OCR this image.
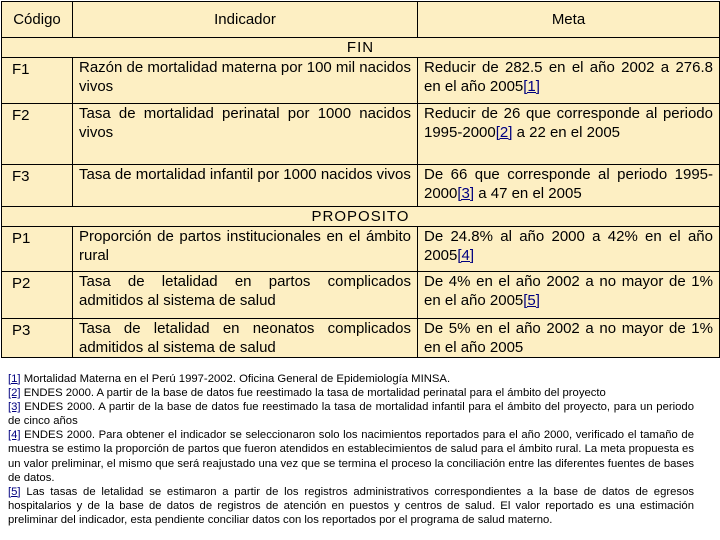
Código	Indicador	Meta
FIN		
F1	Razón de mortalidad materna por 100 mil nacidos vivos	Reducir de 282.5 en el año 2002 a 276.8 en el año 2005[1]
F2	Tasa de mortalidad perinatal por 1000 nacidos vivos	Reducir de 26 que corresponde al periodo 1995-2000[2] a 22 en el 2005
F3	Tasa de mortalidad infantil por 1000 nacidos vivos	De 66 que corresponde al periodo 1995-2000[3] a 47 en el 2005
PROPOSITO		
P1	Proporción de partos institucionales en el ámbito rural	De 24.8% al año 2000 a 42% en el año 2005[4]
P2	Tasa de letalidad en partos complicados admitidos al sistema de salud	De 4% en el año 2002 a no mayor de 1% en el año 2005[5]
P3	Tasa de letalidad en neonatos complicados admitidos al sistema de salud	De 5% en el año 2002 a no mayor de 1% en el año 2005

[1] Mortalidad Materna en el Perú 1997-2002. Oficina General de Epidemiología MINSA.

[2] ENDES 2000. A partir de la base de datos fue reestimado la tasa de mortalidad perinatal para el ámbito del proyecto

[3] ENDES 2000. A partir de la base de datos fue reestimado la tasa de mortalidad infantil para el ámbito del proyecto, para un periodo de cinco años

[4] ENDES 2000. Para obtener el indicador se seleccionaron solo los nacimientos reportados para el año 2000, verificado el tamaño de muestra se estimo la proporción de partos que fueron atendidos en establecimientos de salud para el ámbito rural. La meta propuesta es un valor preliminar, el mismo que será reajustado una vez que se termina el proceso la conciliación entre las diferentes fuentes de bases de datos.

[5] Las tasas de letalidad se estimaron a partir de los registros administrativos correspondientes a la base de datos de egresos hospitalarios y de la base de datos de registros de atención en puestos y centros de salud. El valor reportado es una estimación preliminar del indicador, esta pendiente conciliar datos con los reportados por el programa de salud materno.
